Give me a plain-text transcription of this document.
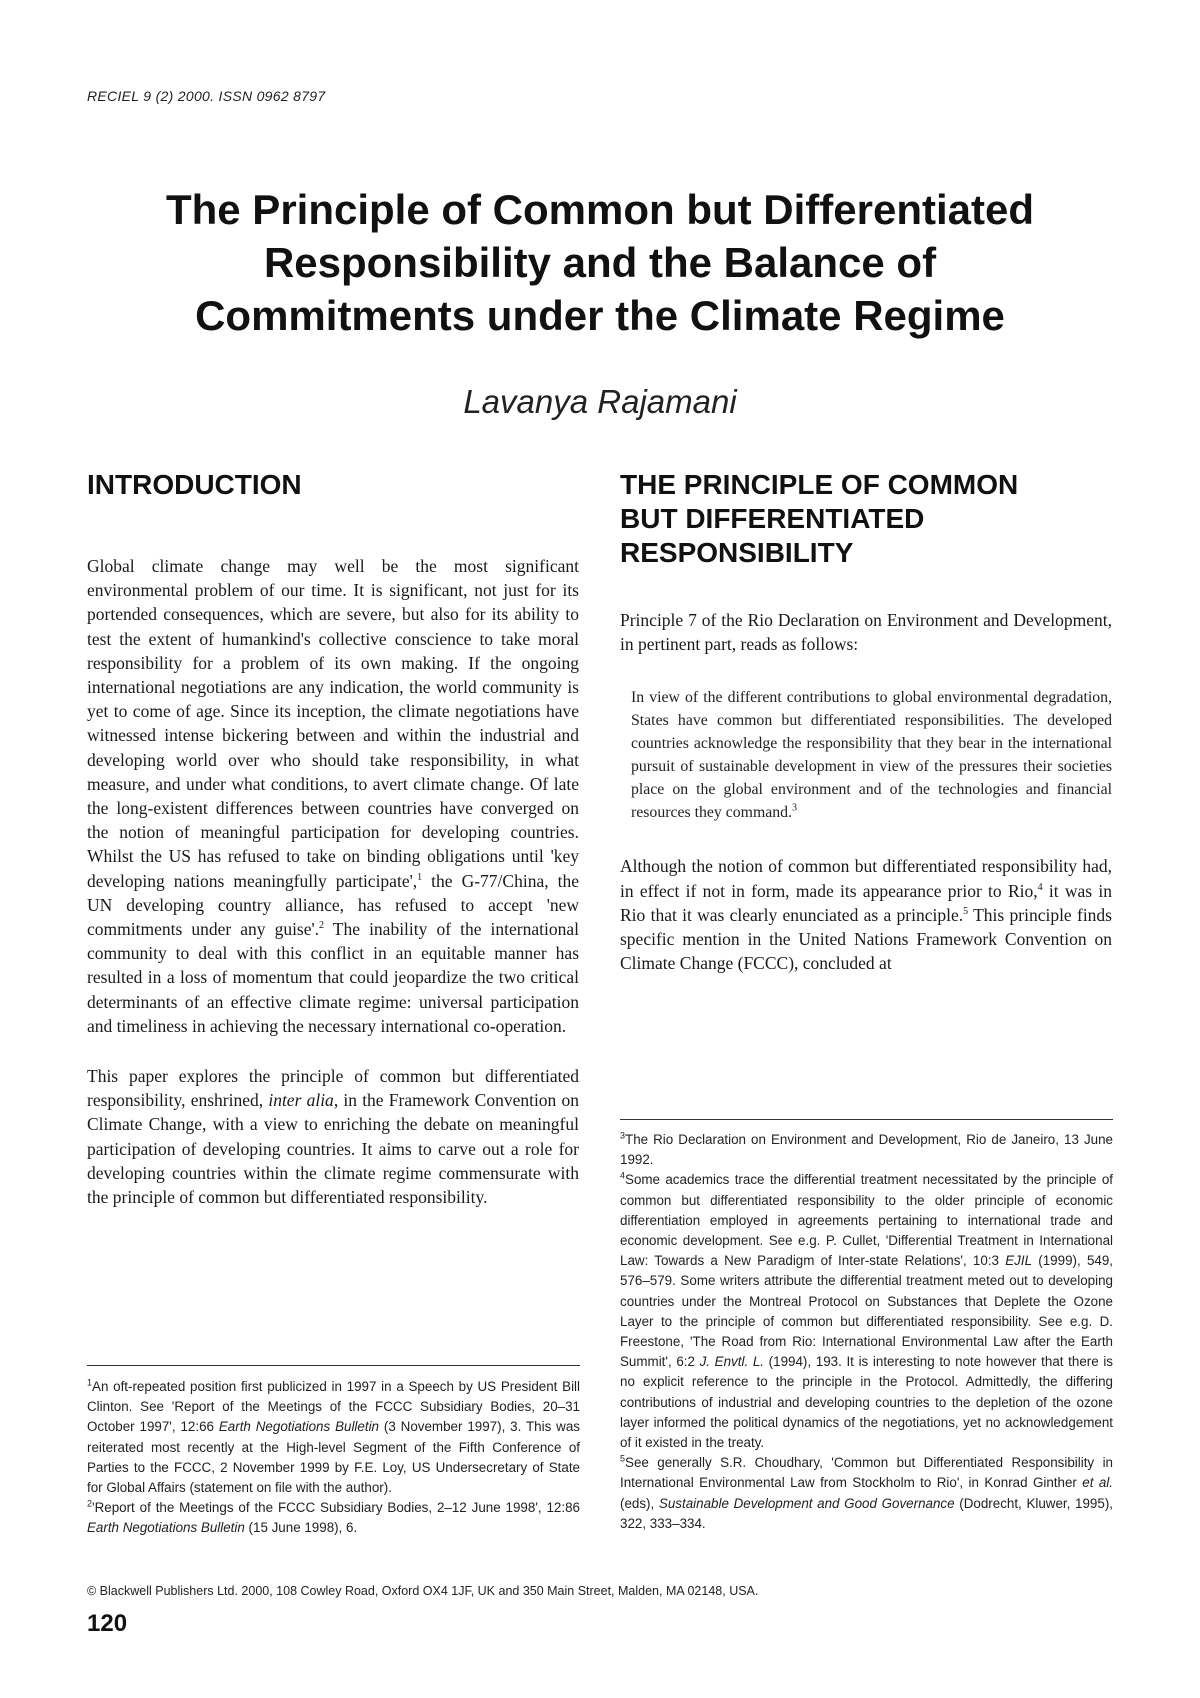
RECIEL 9 (2) 2000. ISSN 0962 8797
The Principle of Common but Differentiated
Responsibility and the Balance of
Commitments under the Climate Regime
Lavanya Rajamani
INTRODUCTION

Global climate change may well be the most significant environmental problem of our time. It is significant, not just for its portended consequences, which are severe, but also for its ability to test the extent of humankind's collective conscience to take moral responsibility for a problem of its own making. If the ongoing international negotiations are any indication, the world community is yet to come of age. Since its inception, the climate negotiations have witnessed intense bickering between and within the industrial and developing world over who should take responsibility, in what measure, and under what conditions, to avert climate change. Of late the long-existent differences between countries have converged on the notion of meaningful participation for developing countries. Whilst the US has refused to take on binding obligations until 'key developing nations meaningfully participate',$^1$ the G-77/China, the UN developing country alliance, has refused to accept 'new commitments under any guise'.$^2$ The inability of the international community to deal with this conflict in an equitable manner has resulted in a loss of momentum that could jeopardize the two critical determinants of an effective climate regime: universal participation and timeliness in achieving the necessary international co-operation.

This paper explores the principle of common but differentiated responsibility, enshrined, inter alia, in the Framework Convention on Climate Change, with a view to enriching the debate on meaningful participation of developing countries. It aims to carve out a role for developing countries within the climate regime commensurate with the principle of common but differentiated responsibility.

THE PRINCIPLE OF COMMON
BUT DIFFERENTIATED
RESPONSIBILITY

Principle 7 of the Rio Declaration on Environment and Development, in pertinent part, reads as follows:

In view of the different contributions to global environmental degradation, States have common but differentiated responsibilities. The developed countries acknowledge the responsibility that they bear in the international pursuit of sustainable development in view of the pressures their societies place on the global environment and of the technologies and financial resources they command.$^3$

Although the notion of common but differentiated responsibility had, in effect if not in form, made its appearance prior to Rio,$^4$ it was in Rio that it was clearly enunciated as a principle.$^5$ This principle finds specific mention in the United Nations Framework Convention on Climate Change (FCCC), concluded at

$^1$An oft-repeated position first publicized in 1997 in a Speech by US President Bill Clinton. See 'Report of the Meetings of the FCCC Subsidiary Bodies, 20–31 October 1997', 12:66 Earth Negotiations Bulletin (3 November 1997), 3. This was reiterated most recently at the High-level Segment of the Fifth Conference of Parties to the FCCC, 2 November 1999 by F.E. Loy, US Undersecretary of State for Global Affairs (statement on file with the author).

$^2$'Report of the Meetings of the FCCC Subsidiary Bodies, 2–12 June 1998', 12:86 Earth Negotiations Bulletin (15 June 1998), 6.

$^3$The Rio Declaration on Environment and Development, Rio de Janeiro, 13 June 1992.

$^4$Some academics trace the differential treatment necessitated by the principle of common but differentiated responsibility to the older principle of economic differentiation employed in agreements pertaining to international trade and economic development. See e.g. P. Cullet, 'Differential Treatment in International Law: Towards a New Paradigm of Inter-state Relations', 10:3 EJIL (1999), 549, 576–579. Some writers attribute the differential treatment meted out to developing countries under the Montreal Protocol on Substances that Deplete the Ozone Layer to the principle of common but differentiated responsibility. See e.g. D. Freestone, 'The Road from Rio: International Environmental Law after the Earth Summit', 6:2 J. Envtl. L. (1994), 193. It is interesting to note however that there is no explicit reference to the principle in the Protocol. Admittedly, the differing contributions of industrial and developing countries to the depletion of the ozone layer informed the political dynamics of the negotiations, yet no acknowledgement of it existed in the treaty.

$^5$See generally S.R. Choudhary, 'Common but Differentiated Responsibility in International Environmental Law from Stockholm to Rio', in Konrad Ginther et al. (eds), Sustainable Development and Good Governance (Dodrecht, Kluwer, 1995), 322, 333–334.

© Blackwell Publishers Ltd. 2000, 108 Cowley Road, Oxford OX4 1JF, UK and 350 Main Street, Malden, MA 02148, USA.
120
